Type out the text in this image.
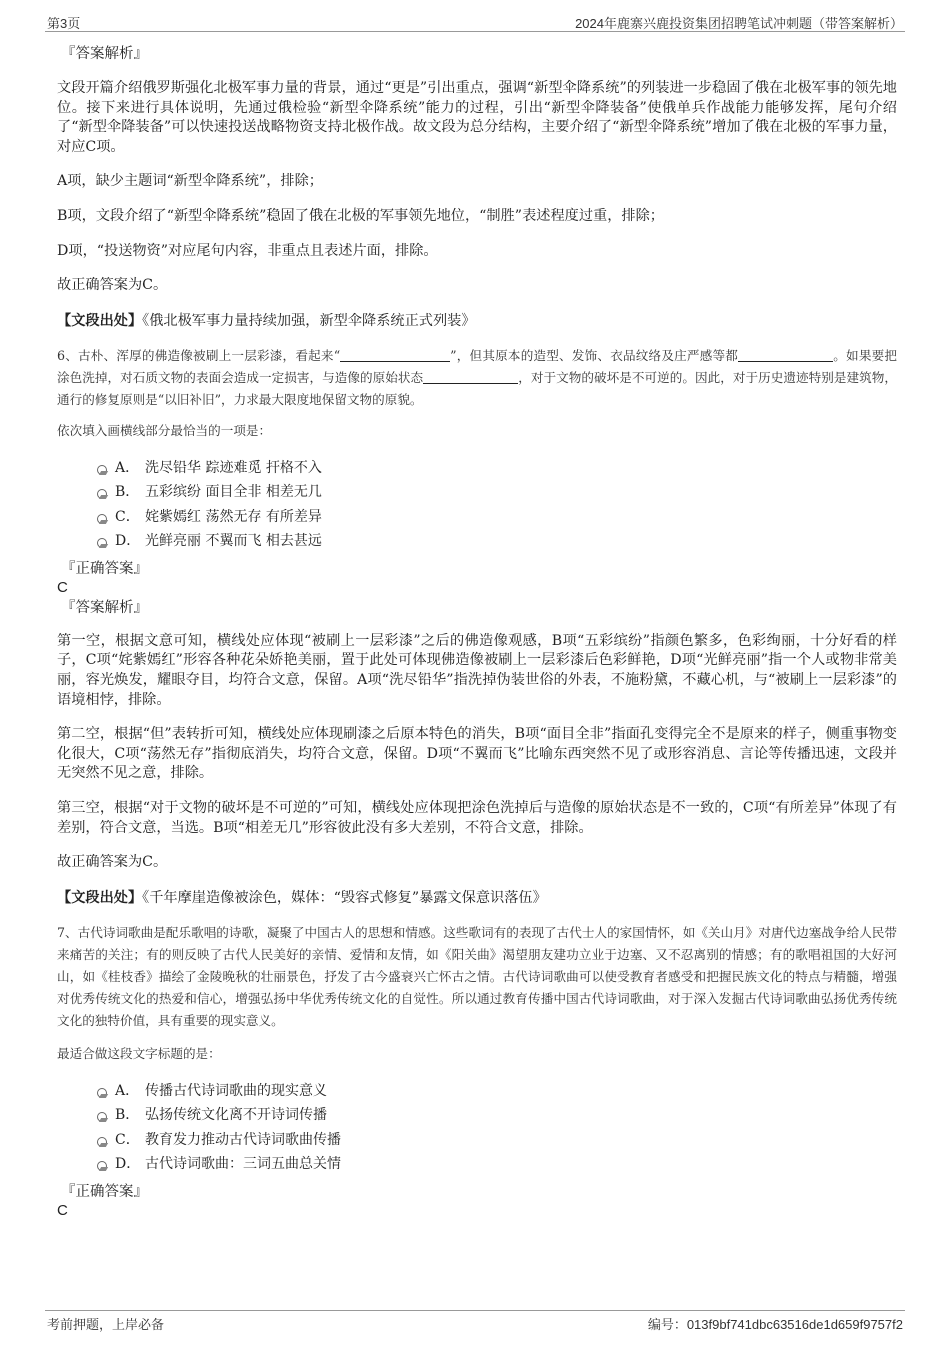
第3页	2024年鹿寨兴鹿投资集团招聘笔试冲刺题（带答案解析）
『答案解析』

文段开篇介绍俄罗斯强化北极军事力量的背景，通过“更是”引出重点，强调“新型伞降系统”的列装进一步稳固了俄在北极军事的领先地位。接下来进行具体说明，先通过俄检验“新型伞降系统”能力的过程，引出“新型伞降装备”使俄单兵作战能力能够发挥，尾句介绍了“新型伞降装备”可以快速投送战略物资支持北极作战。故文段为总分结构，主要介绍了“新型伞降系统”增加了俄在北极的军事力量，对应C项。

A项，缺少主题词“新型伞降系统”，排除；

B项，文段介绍了“新型伞降系统”稳固了俄在北极的军事领先地位，“制胜”表述程度过重，排除；

D项，“投送物资”对应尾句内容，非重点且表述片面，排除。

故正确答案为C。

【文段出处】《俄北极军事力量持续加强，新型伞降系统正式列装》

6、古朴、浑厚的佛造像被刷上一层彩漆，看起来“	”，但其原本的造型、发饰、衣品纹络及庄严感等都	。如果要把涂色洗掉，对石质文物的表面会造成一定损害，与造像的原始状态	，对于文物的破坏是不可逆的。因此，对于历史遗迹特别是建筑物，通行的修复原则是“以旧补旧”，力求最大限度地保留文物的原貌。

依次填入画横线部分最恰当的一项是：

A． 洗尽铅华 踪迹难觅 扞格不入
B． 五彩缤纷 面目全非 相差无几
C． 姹紫嫣红 荡然无存 有所差异
D． 光鲜亮丽 不翼而飞 相去甚远
『正确答案』
C
『答案解析』

第一空，根据文意可知，横线处应体现“被刷上一层彩漆”之后的佛造像观感，B项“五彩缤纷”指颜色繁多，色彩绚丽，十分好看的样子，C项“姹紫嫣红”形容各种花朵娇艳美丽，置于此处可体现佛造像被刷上一层彩漆后色彩鲜艳，D项“光鲜亮丽”指一个人或物非常美丽，容光焕发，耀眼夺目，均符合文意，保留。A项“洗尽铅华”指洗掉伪装世俗的外表，不施粉黛，不藏心机，与“被刷上一层彩漆”的语境相悖，排除。

第二空，根据“但”表转折可知，横线处应体现刷漆之后原本特色的消失，B项“面目全非”指面孔变得完全不是原来的样子，侧重事物变化很大，C项“荡然无存”指彻底消失，均符合文意，保留。D项“不翼而飞”比喻东西突然不见了或形容消息、言论等传播迅速，文段并无突然不见之意，排除。

第三空，根据“对于文物的破坏是不可逆的”可知，横线处应体现把涂色洗掉后与造像的原始状态是不一致的，C项“有所差异”体现了有差别，符合文意，当选。B项“相差无几”形容彼此没有多大差别，不符合文意，排除。

故正确答案为C。

【文段出处】《千年摩崖造像被涂色，媒体：“毁容式修复”暴露文保意识落伍》

7、古代诗词歌曲是配乐歌唱的诗歌，凝聚了中国古人的思想和情感。这些歌词有的表现了古代士人的家国情怀，如《关山月》对唐代边塞战争给人民带来痛苦的关注；有的则反映了古代人民美好的亲情、爱情和友情，如《阳关曲》渴望朋友建功立业于边塞、又不忍离别的情感；有的歌唱祖国的大好河山，如《桂枝香》描绘了金陵晚秋的壮丽景色，抒发了古今盛衰兴亡怀古之情。古代诗词歌曲可以使受教育者感受和把握民族文化的特点与精髓，增强对优秀传统文化的热爱和信心，增强弘扬中华优秀传统文化的自觉性。所以通过教育传播中国古代诗词歌曲，对于深入发掘古代诗词歌曲弘扬优秀传统文化的独特价值，具有重要的现实意义。

最适合做这段文字标题的是：

A． 传播古代诗词歌曲的现实意义
B． 弘扬传统文化离不开诗词传播
C． 教育发力推动古代诗词歌曲传播
D． 古代诗词歌曲：三词五曲总关情
『正确答案』
C
考前押题，上岸必备	编号：013f9bf741dbc63516de1d659f9757f2
